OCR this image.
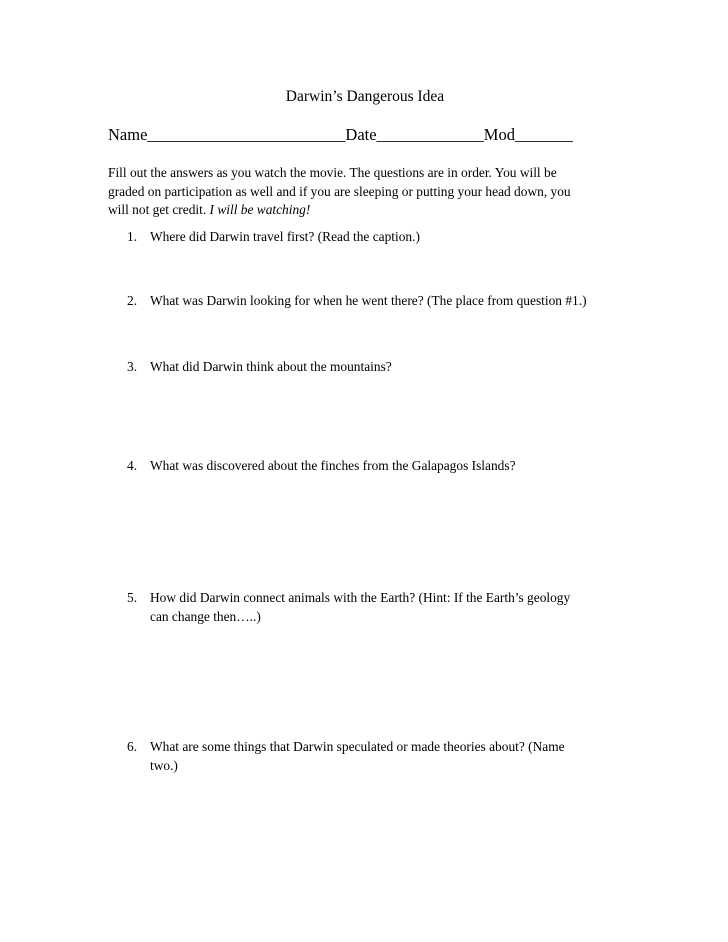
Darwin’s Dangerous Idea
Name________________________Date_____________Mod_______
Fill out the answers as you watch the movie. The questions are in order. You will be
graded on participation as well and if you are sleeping or putting your head down, you
will not get credit. I will be watching!
1. Where did Darwin travel first? (Read the caption.)
2. What was Darwin looking for when he went there? (The place from question #1.)
3. What did Darwin think about the mountains?
4. What was discovered about the finches from the Galapagos Islands?
5. How did Darwin connect animals with the Earth? (Hint: If the Earth’s geology
can change then…..)
6. What are some things that Darwin speculated or made theories about? (Name
two.)
